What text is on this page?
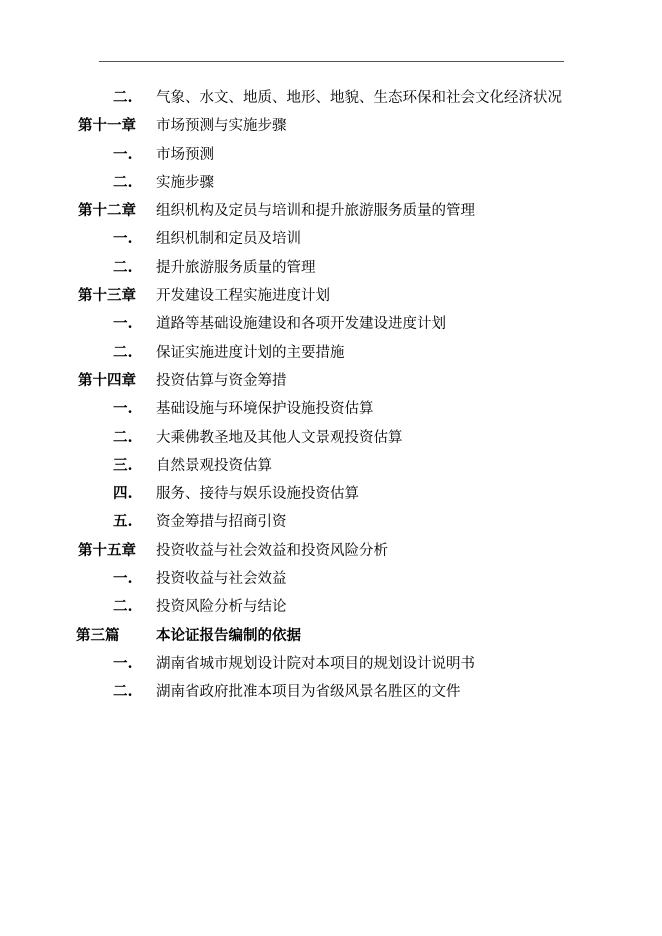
二. 气象、水文、地质、地形、地貌、生态环保和社会文化经济状况
第十一章 市场预测与实施步骤
一. 市场预测
二. 实施步骤
第十二章 组织机构及定员与培训和提升旅游服务质量的管理
一. 组织机制和定员及培训
二. 提升旅游服务质量的管理
第十三章 开发建设工程实施进度计划
一. 道路等基础设施建设和各项开发建设进度计划
二. 保证实施进度计划的主要措施
第十四章 投资估算与资金筹措
一. 基础设施与环境保护设施投资估算
二. 大乘佛教圣地及其他人文景观投资估算
三. 自然景观投资估算
四. 服务、接待与娱乐设施投资估算
五. 资金筹措与招商引资
第十五章 投资收益与社会效益和投资风险分析
一. 投资收益与社会效益
二. 投资风险分析与结论
第三篇	本论证报告编制的依据
一. 湖南省城市规划设计院对本项目的规划设计说明书
二. 湖南省政府批准本项目为省级风景名胜区的文件
